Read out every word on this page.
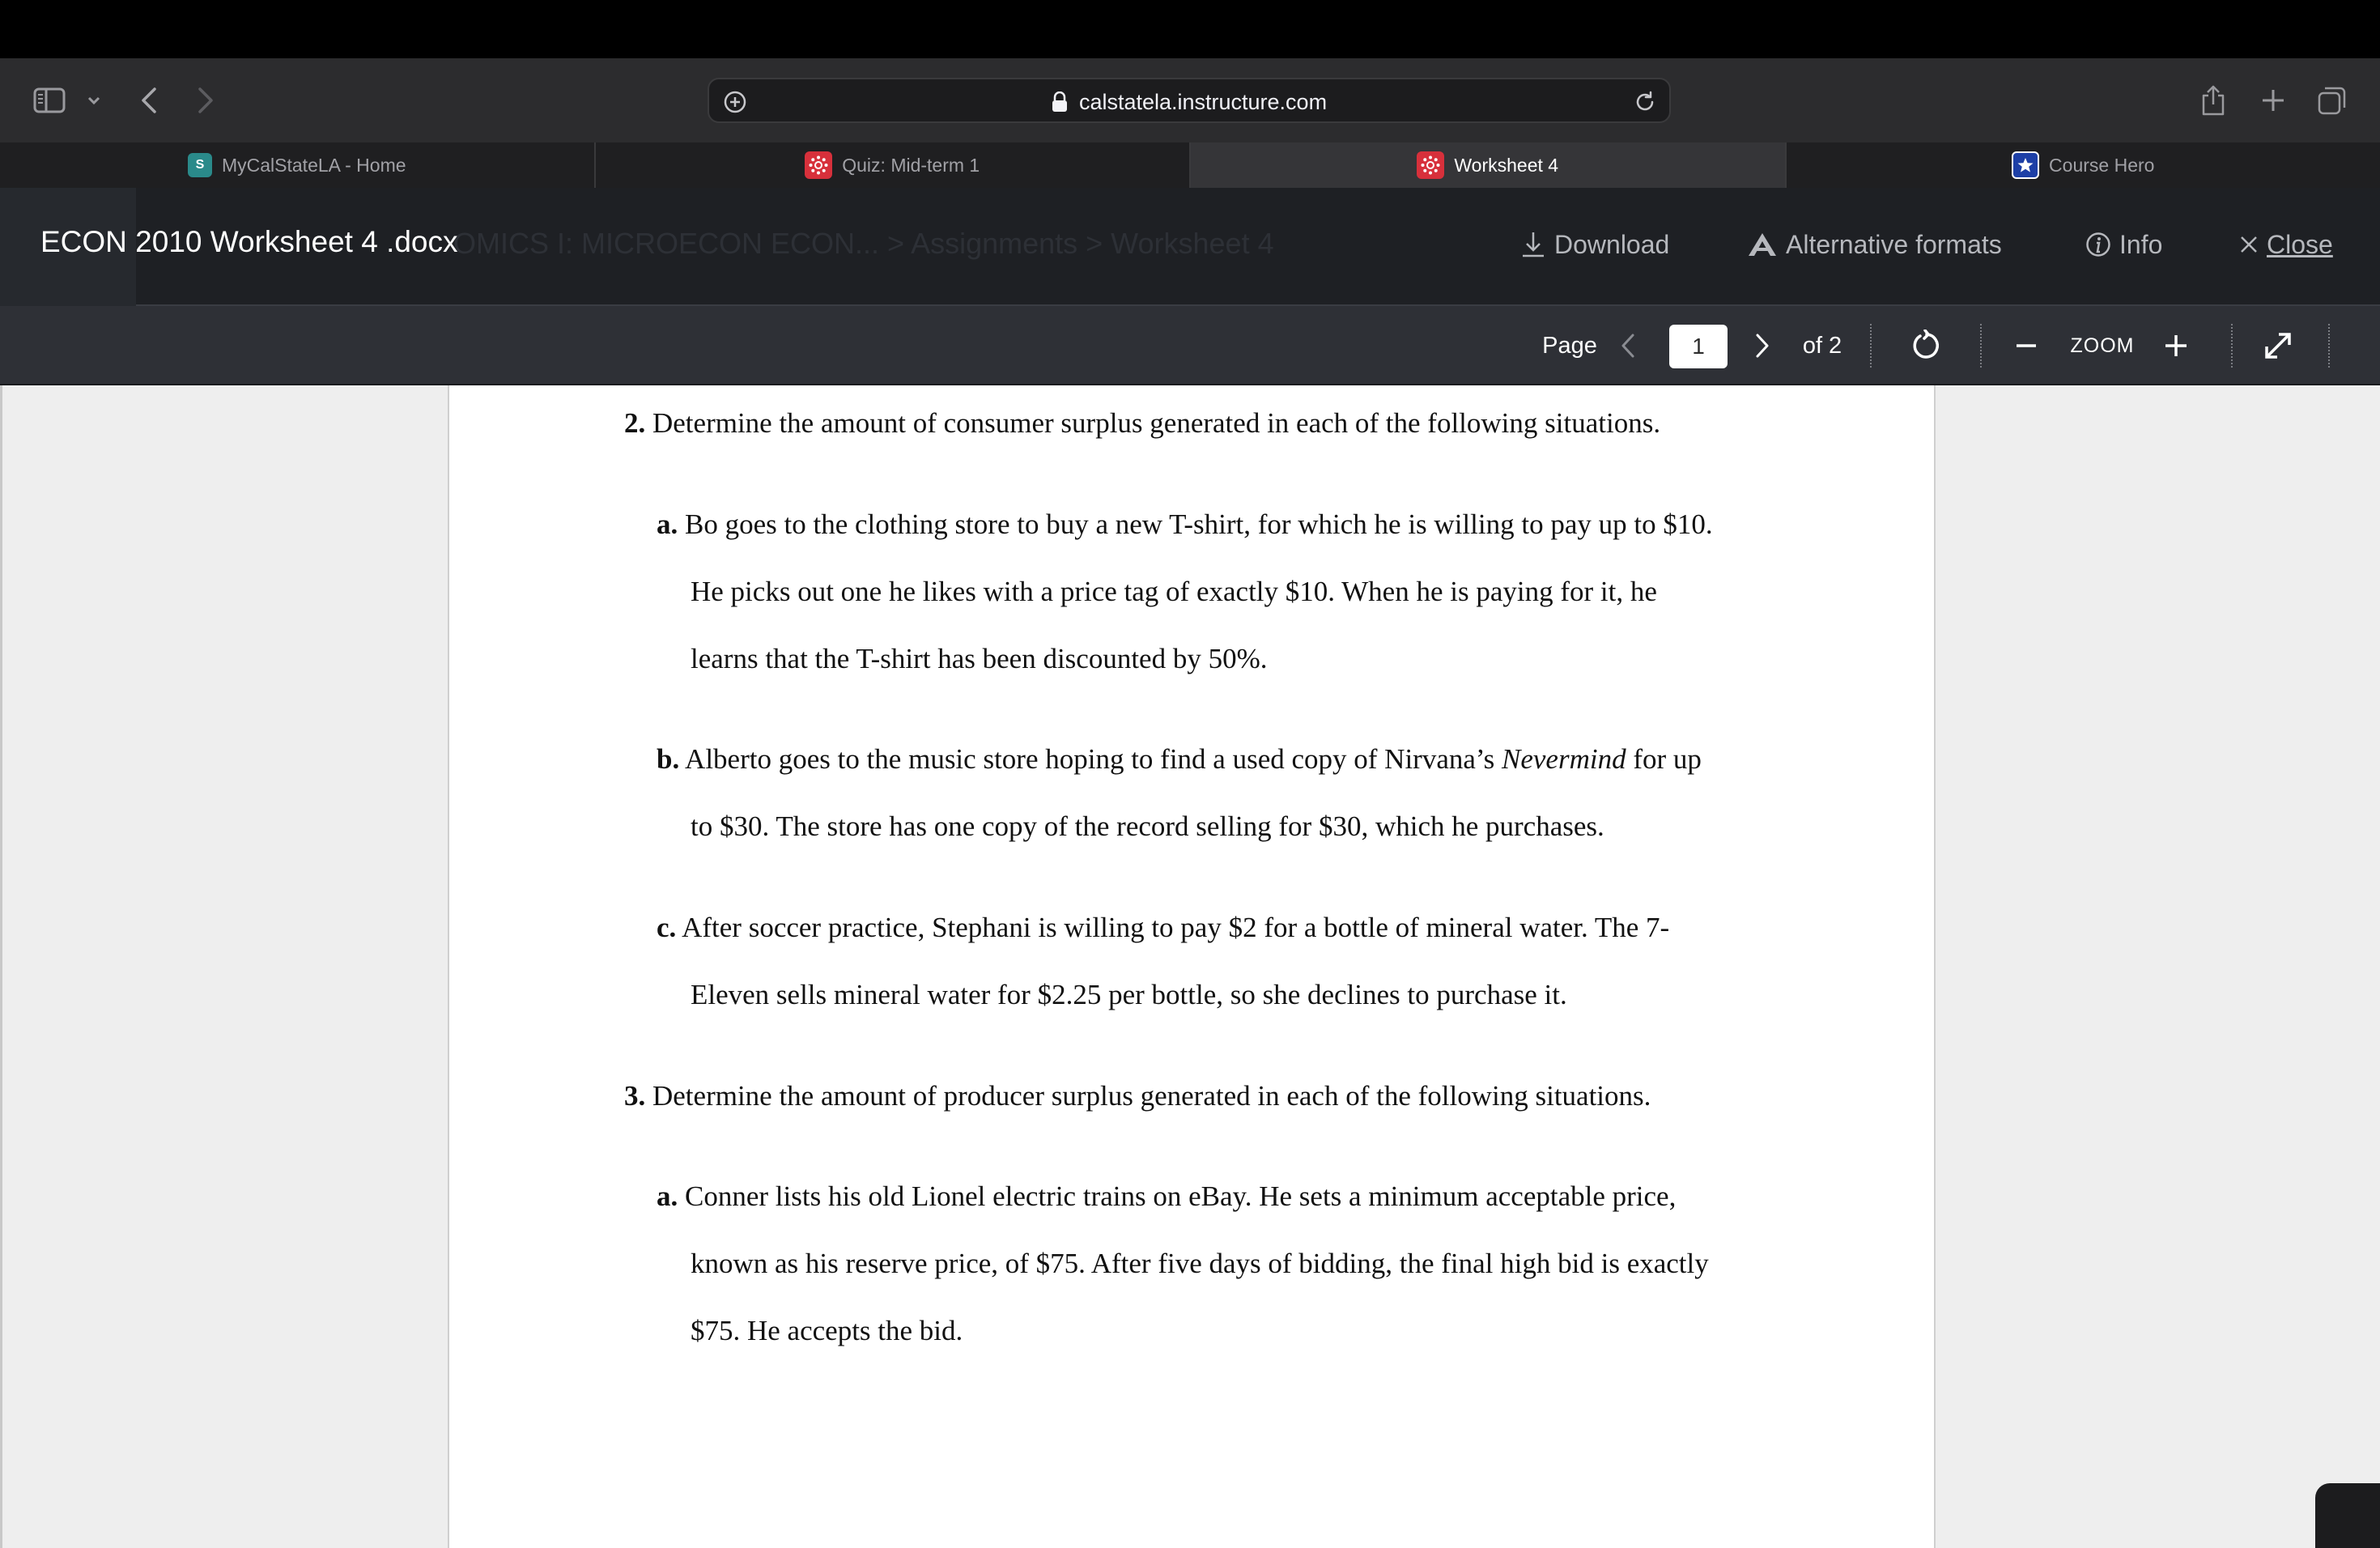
calstatela.instructure.com
S MyCalStateLA - Home	Quiz: Mid-term 1	Worksheet 4	Course Hero
OMICS I: MICROECON ECON... > Assignments > Worksheet 4
ECON 2010 Worksheet 4 .docx	Download	Alternative formats	Info	Close
Page	1	of 2	ZOOM
2. Determine the amount of consumer surplus generated in each of the following situations.
a. Bo goes to the clothing store to buy a new T-shirt, for which he is willing to pay up to $10.
He picks out one he likes with a price tag of exactly $10. When he is paying for it, he
learns that the T-shirt has been discounted by 50%.
b. Alberto goes to the music store hoping to find a used copy of Nirvana’s Nevermind for up
to $30. The store has one copy of the record selling for $30, which he purchases.
c. After soccer practice, Stephani is willing to pay $2 for a bottle of mineral water. The 7-
Eleven sells mineral water for $2.25 per bottle, so she declines to purchase it.
3. Determine the amount of producer surplus generated in each of the following situations.
a. Conner lists his old Lionel electric trains on eBay. He sets a minimum acceptable price,
known as his reserve price, of $75. After five days of bidding, the final high bid is exactly
$75. He accepts the bid.
